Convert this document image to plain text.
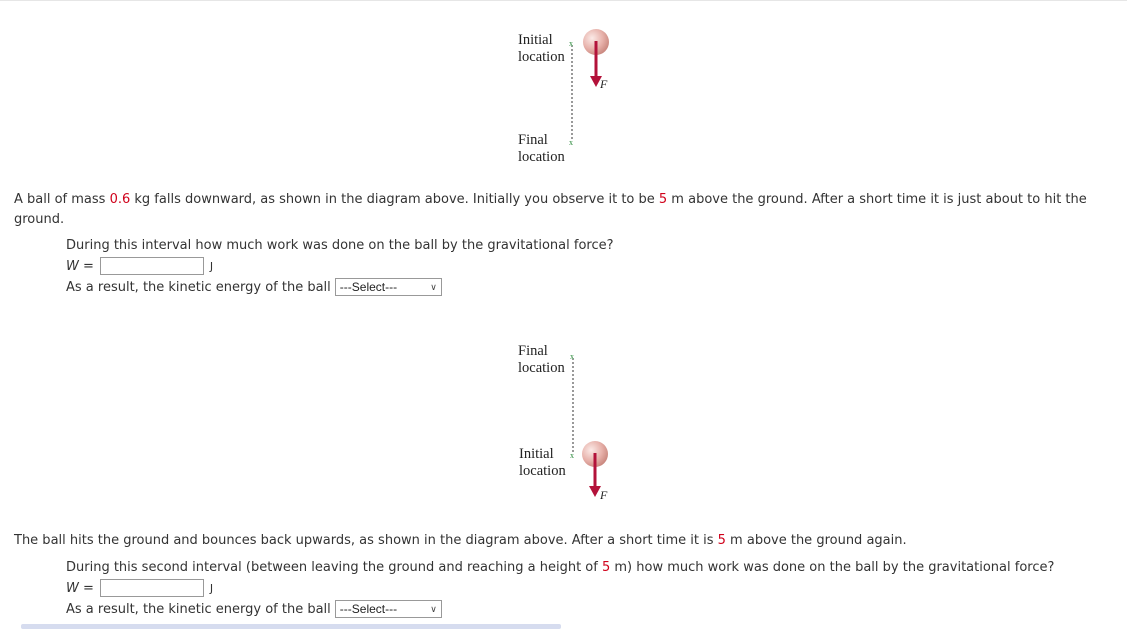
Initial
location
Final
location
x
x
F⃗
A ball of mass 0.6 kg falls downward, as shown in the diagram above. Initially you observe it to be 5 m above the ground. After a short time it is just about to hit the ground.
During this interval how much work was done on the ball by the gravitational force?
W =	J
As a result, the kinetic energy of the ball ---Select---	∨
Final
location
Initial
location
x
x
F⃗
The ball hits the ground and bounces back upwards, as shown in the diagram above. After a short time it is 5 m above the ground again.
During this second interval (between leaving the ground and reaching a height of 5 m) how much work was done on the ball by the gravitational force?
W =	J
As a result, the kinetic energy of the ball ---Select---	∨
